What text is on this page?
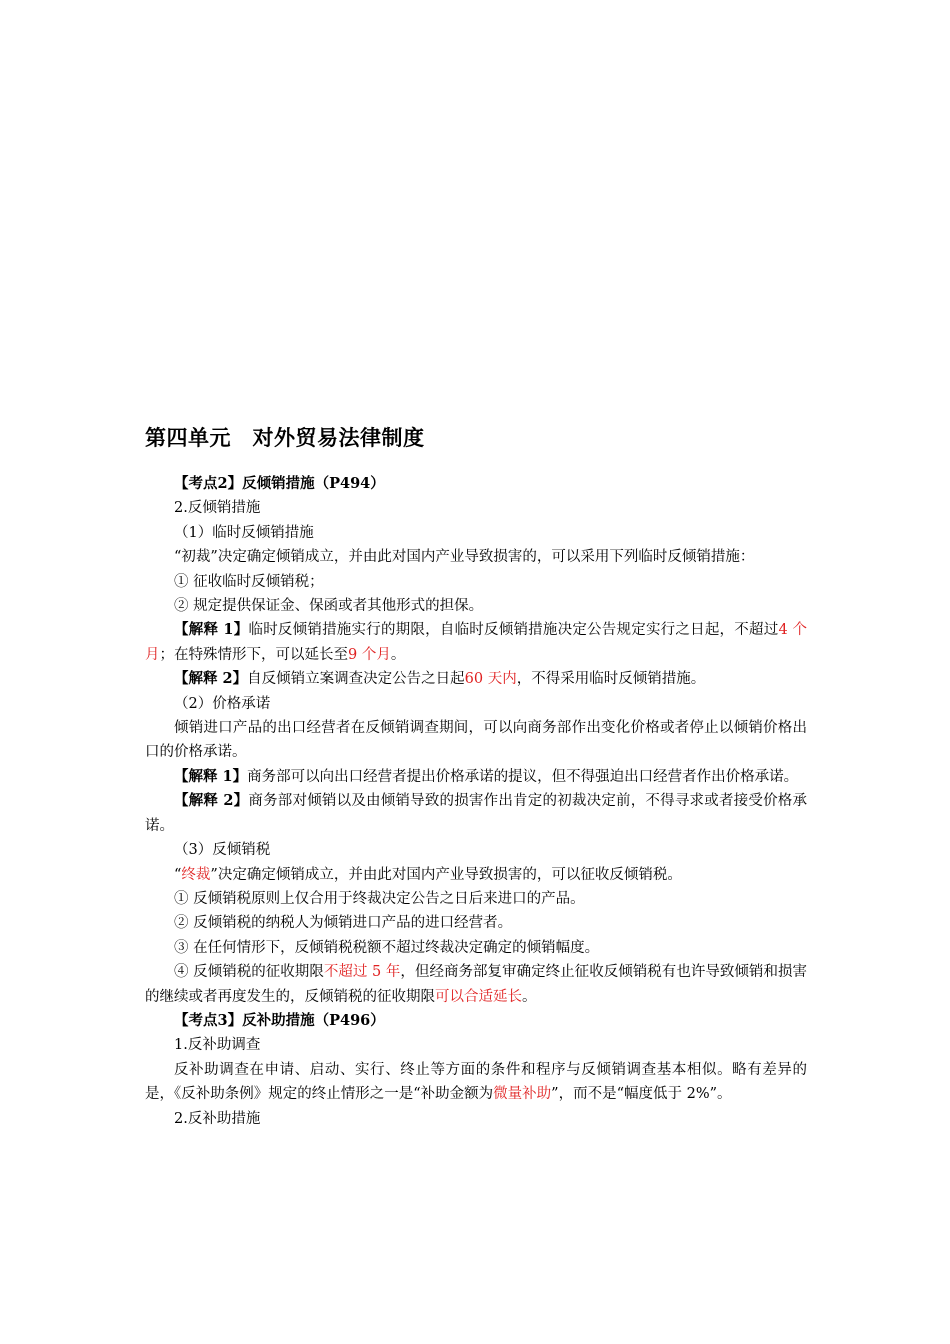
第四单元　对外贸易法律制度

【考点2】反倾销措施（P494）

2.反倾销措施

（1）临时反倾销措施

“初裁”决定确定倾销成立，并由此对国内产业导致损害的，可以采用下列临时反倾销措施：

① 征收临时反倾销税；

② 规定提供保证金、保函或者其他形式的担保。

【解释 1】临时反倾销措施实行的期限，自临时反倾销措施决定公告规定实行之日起，不超过4 个月；在特殊情形下，可以延长至9 个月。

【解释 2】自反倾销立案调查决定公告之日起60 天内，不得采用临时反倾销措施。

（2）价格承诺

倾销进口产品的出口经营者在反倾销调查期间，可以向商务部作出变化价格或者停止以倾销价格出口的价格承诺。

【解释 1】商务部可以向出口经营者提出价格承诺的提议，但不得强迫出口经营者作出价格承诺。

【解释 2】商务部对倾销以及由倾销导致的损害作出肯定的初裁决定前，不得寻求或者接受价格承诺。

（3）反倾销税

“终裁”决定确定倾销成立，并由此对国内产业导致损害的，可以征收反倾销税。

① 反倾销税原则上仅合用于终裁决定公告之日后来进口的产品。

② 反倾销税的纳税人为倾销进口产品的进口经营者。

③ 在任何情形下，反倾销税税额不超过终裁决定确定的倾销幅度。

④ 反倾销税的征收期限不超过 5 年，但经商务部复审确定终止征收反倾销税有也许导致倾销和损害的继续或者再度发生的，反倾销税的征收期限可以合适延长。

【考点3】反补助措施（P496）

1.反补助调查

反补助调查在申请、启动、实行、终止等方面的条件和程序与反倾销调查基本相似。略有差异的是，《反补助条例》规定的终止情形之一是“补助金额为微量补助”，而不是“幅度低于 2%”。

2.反补助措施
